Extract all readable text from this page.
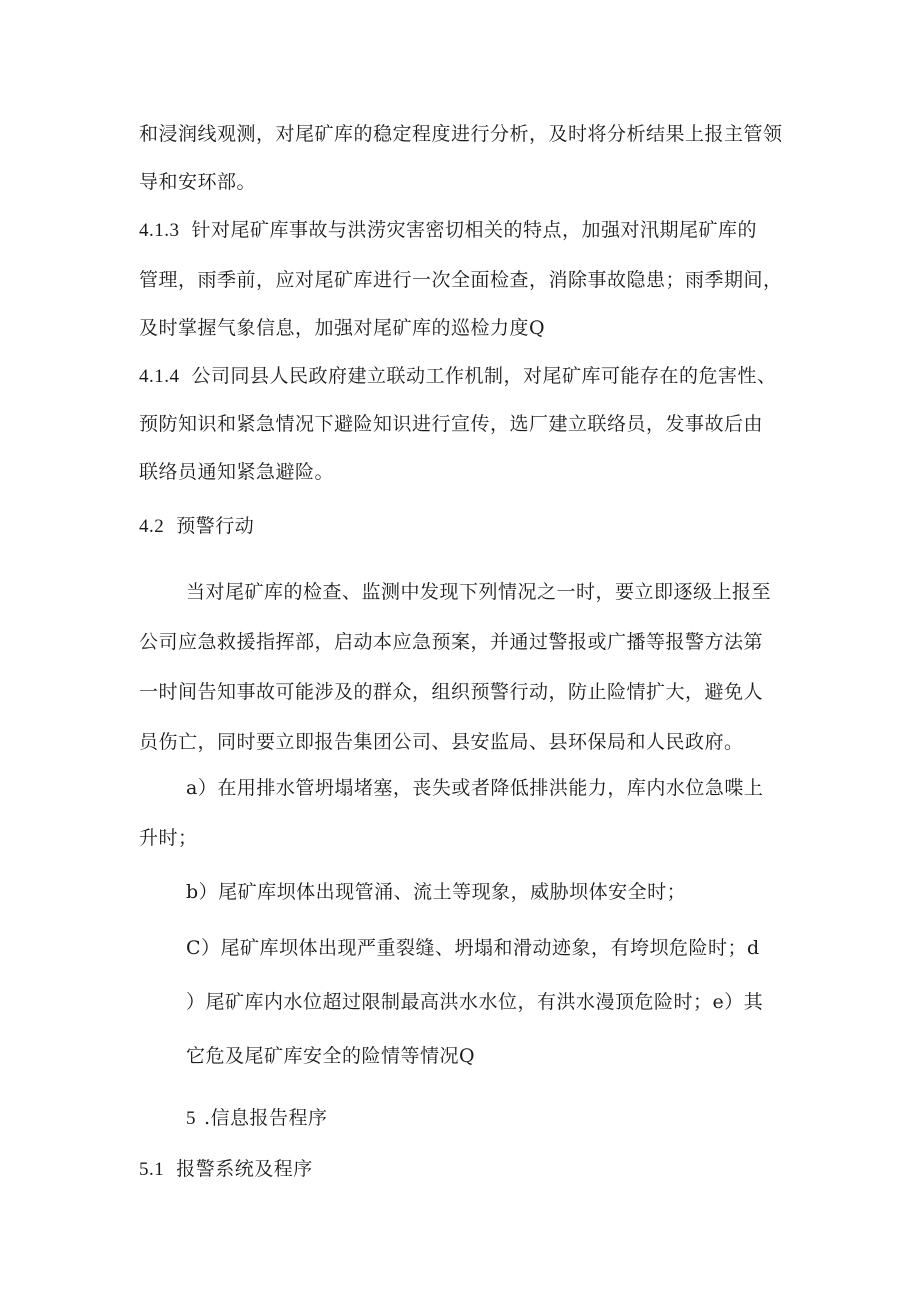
和浸润线观测，对尾矿库的稳定程度进行分析，及时将分析结果上报主管领
导和安环部。
4.1.3 针对尾矿库事故与洪涝灾害密切相关的特点，加强对汛期尾矿库的
管理，雨季前，应对尾矿库进行一次全面检查，消除事故隐患；雨季期间，
及时掌握气象信息，加强对尾矿库的巡检力度Q
4.1.4 公司同县人民政府建立联动工作机制，对尾矿库可能存在的危害性、
预防知识和紧急情况下避险知识进行宣传，选厂建立联络员，发事故后由
联络员通知紧急避险。
4.2 预警行动
当对尾矿库的检查、监测中发现下列情况之一时，要立即逐级上报至
公司应急救援指挥部，启动本应急预案，并通过警报或广播等报警方法第
一时间告知事故可能涉及的群众，组织预警行动，防止险情扩大，避免人
员伤亡，同时要立即报告集团公司、县安监局、县环保局和人民政府。
a）在用排水管坍塌堵塞，丧失或者降低排洪能力，库内水位急喋上
升时；
b）尾矿库坝体出现管涌、流土等现象，威胁坝体安全时；
C）尾矿库坝体出现严重裂缝、坍塌和滑动迹象，有垮坝危险时；d
）尾矿库内水位超过限制最高洪水水位，有洪水漫顶危险时；e）其
它危及尾矿库安全的险情等情况Q
5 .信息报告程序
5.1 报警系统及程序
